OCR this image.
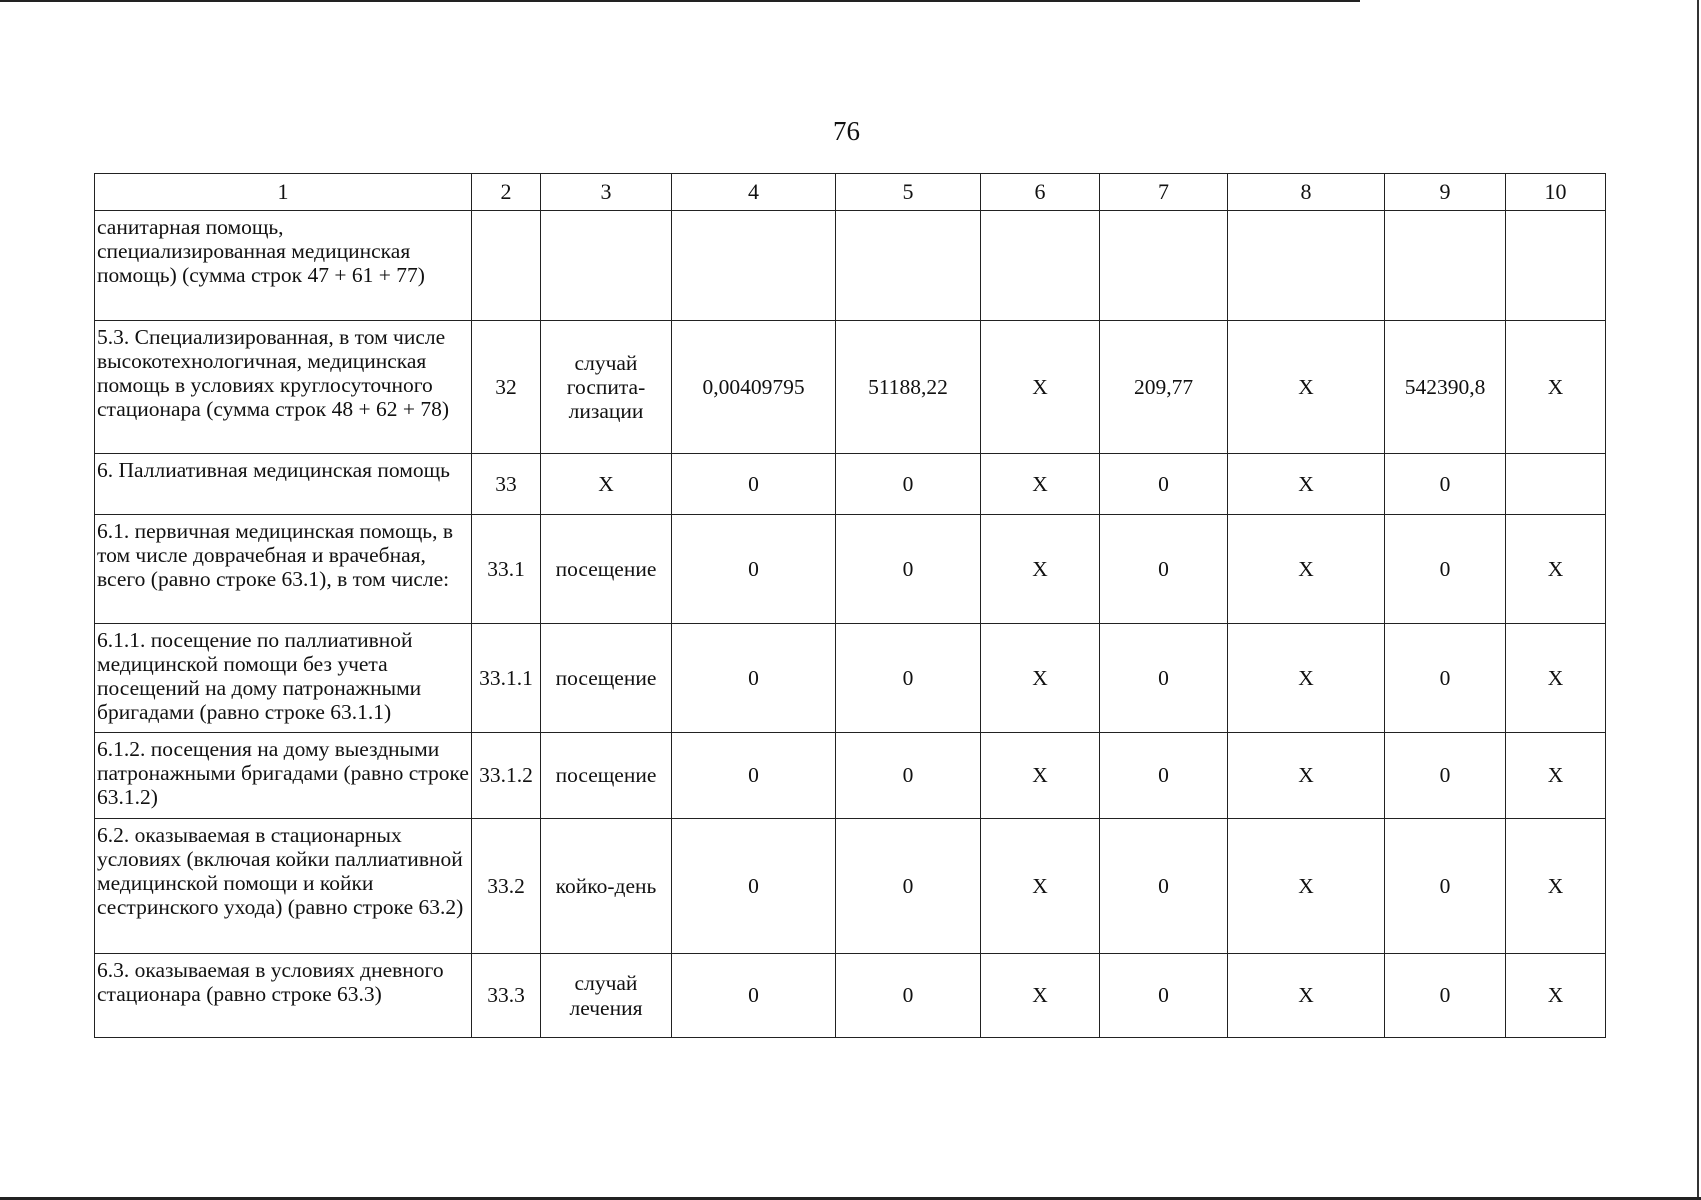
76
1	2	3	4	5	6	7	8	9	10
санитарная помощь, специализированная медицинская помощь) (сумма строк 47 + 61 + 77)									
5.3. Специализированная, в том числе высокотехнологичная, медицинская помощь в условиях круглосуточного стационара (сумма строк 48 + 62 + 78)	32	случай госпита-лизации	0,00409795	51188,22	Х	209,77	Х	542390,8	Х
6. Паллиативная медицинская помощь	33	Х	0	0	Х	0	Х	0	
6.1. первичная медицинская помощь, в том числе доврачебная и врачебная, всего (равно строке 63.1), в том числе:	33.1	посещение	0	0	Х	0	Х	0	Х
6.1.1. посещение по паллиативной медицинской помощи без учета посещений на дому патронажными бригадами (равно строке 63.1.1)	33.1.1	посещение	0	0	Х	0	Х	0	Х
6.1.2. посещения на дому выездными патронажными бригадами (равно строке 63.1.2)	33.1.2	посещение	0	0	Х	0	Х	0	Х
6.2. оказываемая в стационарных условиях (включая койки паллиативной медицинской помощи и койки сестринского ухода) (равно строке 63.2)	33.2	койко-день	0	0	Х	0	Х	0	Х
6.3. оказываемая в условиях дневного стационара (равно строке 63.3)	33.3	случай лечения	0	0	Х	0	Х	0	Х
